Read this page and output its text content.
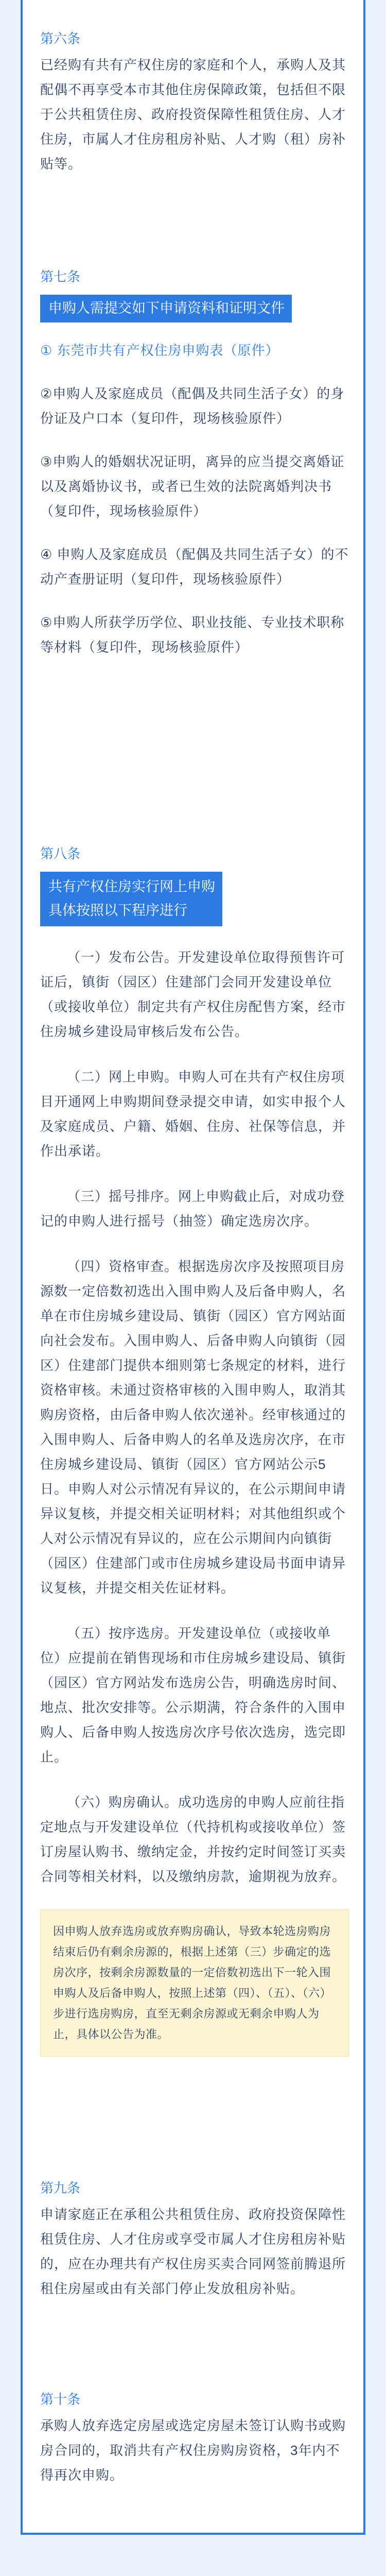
第六条
已经购有共有产权住房的家庭和个人，承购人及其配偶不再享受本市其他住房保障政策，包括但不限于公共租赁住房、政府投资保障性租赁住房、人才住房，市属人才住房租房补贴、人才购（租）房补贴等。
第七条
申购人需提交如下申请资料和证明文件

① 东莞市共有产权住房申购表（原件）

②申购人及家庭成员（配偶及共同生活子女）的身份证及户口本（复印件，现场核验原件）

③申购人的婚姻状况证明，离异的应当提交离婚证以及离婚协议书，或者已生效的法院离婚判决书（复印件，现场核验原件）

④ 申购人及家庭成员（配偶及共同生活子女）的不动产查册证明（复印件，现场核验原件）

⑤申购人所获学历学位、职业技能、专业技术职称等材料（复印件，现场核验原件）

第八条
共有产权住房实行网上申购
具体按照以下程序进行

（一）发布公告。开发建设单位取得预售许可证后，镇街（园区）住建部门会同开发建设单位（或接收单位）制定共有产权住房配售方案，经市住房城乡建设局审核后发布公告。

（二）网上申购。申购人可在共有产权住房项目开通网上申购期间登录提交申请，如实申报个人及家庭成员、户籍、婚姻、住房、社保等信息，并作出承诺。

（三）摇号排序。网上申购截止后，对成功登记的申购人进行摇号（抽签）确定选房次序。

（四）资格审查。根据选房次序及按照项目房源数一定倍数初选出入围申购人及后备申购人，名单在市住房城乡建设局、镇街（园区）官方网站面向社会发布。入围申购人、后备申购人向镇街（园区）住建部门提供本细则第七条规定的材料，进行资格审核。未通过资格审核的入围申购人，取消其购房资格，由后备申购人依次递补。经审核通过的入围申购人、后备申购人的名单及选房次序，在市住房城乡建设局、镇街（园区）官方网站公示5日。申购人对公示情况有异议的，在公示期间申请异议复核，并提交相关证明材料；对其他组织或个人对公示情况有异议的，应在公示期间内向镇街（园区）住建部门或市住房城乡建设局书面申请异议复核，并提交相关佐证材料。

（五）按序选房。开发建设单位（或接收单位）应提前在销售现场和市住房城乡建设局、镇街（园区）官方网站发布选房公告，明确选房时间、地点、批次安排等。公示期满，符合条件的入围申购人、后备申购人按选房次序号依次选房，选完即止。

（六）购房确认。成功选房的申购人应前往指定地点与开发建设单位（代持机构或接收单位）签订房屋认购书、缴纳定金，并按约定时间签订买卖合同等相关材料，以及缴纳房款，逾期视为放弃。

因申购人放弃选房或放弃购房确认，导致本轮选房购房结束后仍有剩余房源的，根据上述第（三）步确定的选房次序，按剩余房源数量的一定倍数初选出下一轮入围申购人及后备申购人，按照上述第（四）、（五）、（六）步进行选房购房，直至无剩余房源或无剩余申购人为止，具体以公告为准。
第九条
申请家庭正在承租公共租赁住房、政府投资保障性租赁住房、人才住房或享受市属人才住房租房补贴的，应在办理共有产权住房买卖合同网签前腾退所租住房屋或由有关部门停止发放租房补贴。
第十条
承购人放弃选定房屋或选定房屋未签订认购书或购房合同的，取消共有产权住房购房资格，3年内不得再次申购。
